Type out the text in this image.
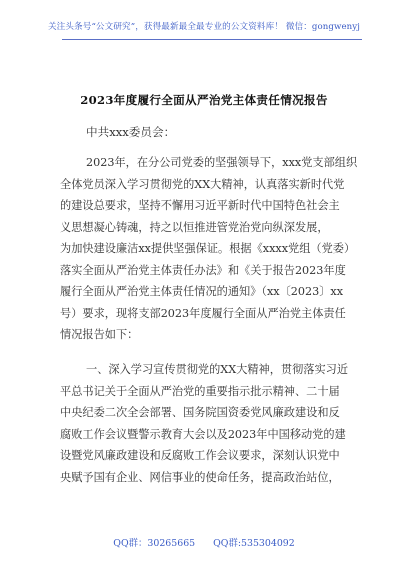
关注头条号“公文研究”，获得最新最全最专业的公文资料库！ 微信：gongwenyj
2023年度履行全面从严治党主体责任情况报告
中共xxx委员会：
2023年，在分公司党委的坚强领导下，xxx党支部组织
全体党员深入学习贯彻党的XX大精神，认真落实新时代党
的建设总要求，坚持不懈用习近平新时代中国特色社会主
义思想凝心铸魂，持之以恒推进管党治党向纵深发展，
为加快建设廉洁xx提供坚强保证。根据《xxxx党组（党委）
落实全面从严治党主体责任办法》和《关于报告2023年度
履行全面从严治党主体责任情况的通知》（xx〔2023〕xx
号）要求，现将支部2023年度履行全面从严治党主体责任
情况报告如下：
一、深入学习宣传贯彻党的XX大精神，贯彻落实习近
平总书记关于全面从严治党的重要指示批示精神、二十届
中央纪委二次全会部署、国务院国资委党风廉政建设和反
腐败工作会议暨警示教育大会以及2023年中国移动党的建
设暨党风廉政建设和反腐败工作会议要求，深刻认识党中
央赋予国有企业、网信事业的使命任务，提高政治站位，
QQ群：30265665 QQ群:535304092
